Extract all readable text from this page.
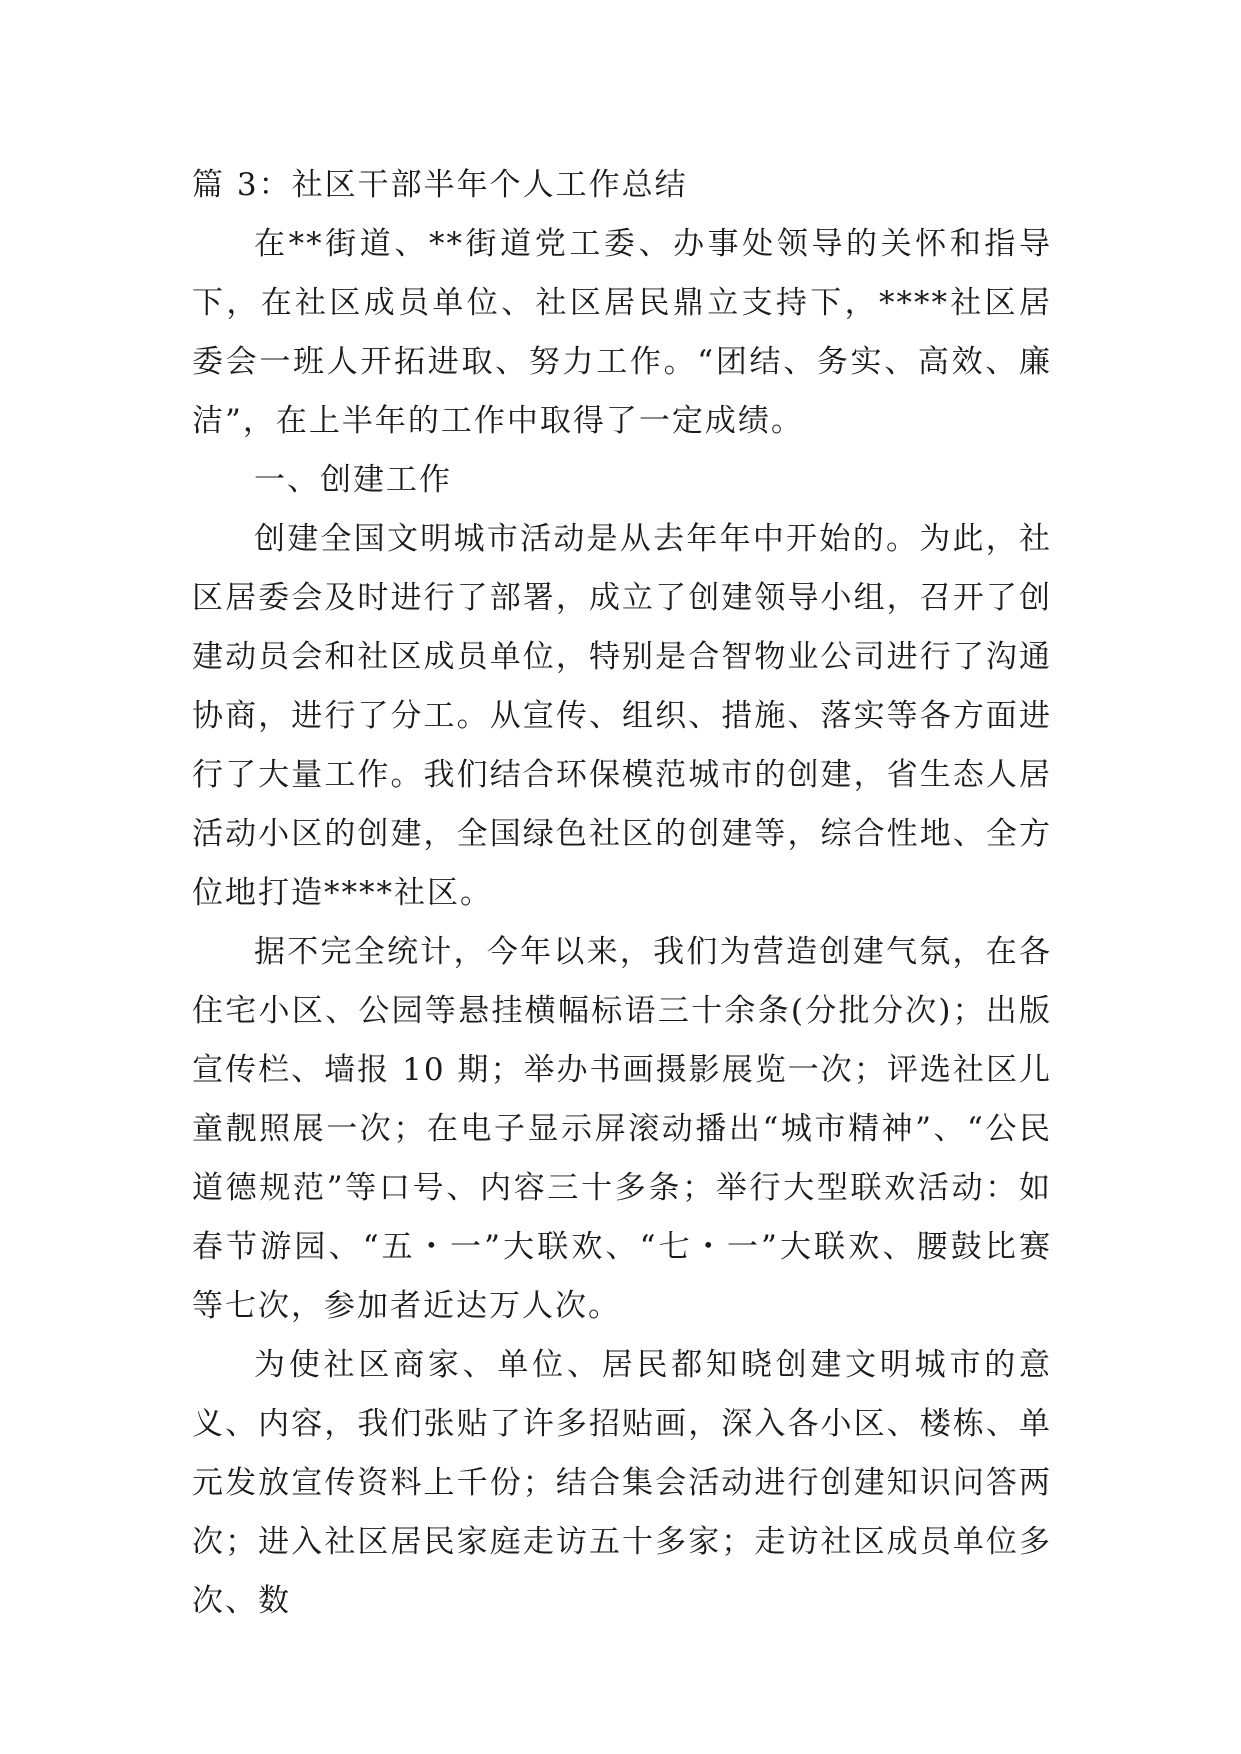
篇 3：社区干部半年个人工作总结

在**街道、**街道党工委、办事处领导的关怀和指导下，在社区成员单位、社区居民鼎立支持下，****社区居委会一班人开拓进取、努力工作。“团结、务实、高效、廉洁”，在上半年的工作中取得了一定成绩。

一、创建工作

创建全国文明城市活动是从去年年中开始的。为此，社区居委会及时进行了部署，成立了创建领导小组，召开了创建动员会和社区成员单位，特别是合智物业公司进行了沟通协商，进行了分工。从宣传、组织、措施、落实等各方面进行了大量工作。我们结合环保模范城市的创建，省生态人居活动小区的创建，全国绿色社区的创建等，综合性地、全方位地打造****社区。

据不完全统计，今年以来，我们为营造创建气氛，在各住宅小区、公园等悬挂横幅标语三十余条(分批分次)；出版宣传栏、墙报 10 期；举办书画摄影展览一次；评选社区儿童靓照展一次；在电子显示屏滚动播出“城市精神”、“公民道德规范”等口号、内容三十多条；举行大型联欢活动：如春节游园、“五・一”大联欢、“七・一”大联欢、腰鼓比赛等七次，参加者近达万人次。

为使社区商家、单位、居民都知晓创建文明城市的意义、内容，我们张贴了许多招贴画，深入各小区、楼栋、单元发放宣传资料上千份；结合集会活动进行创建知识问答两次；进入社区居民家庭走访五十多家；走访社区成员单位多次、数
